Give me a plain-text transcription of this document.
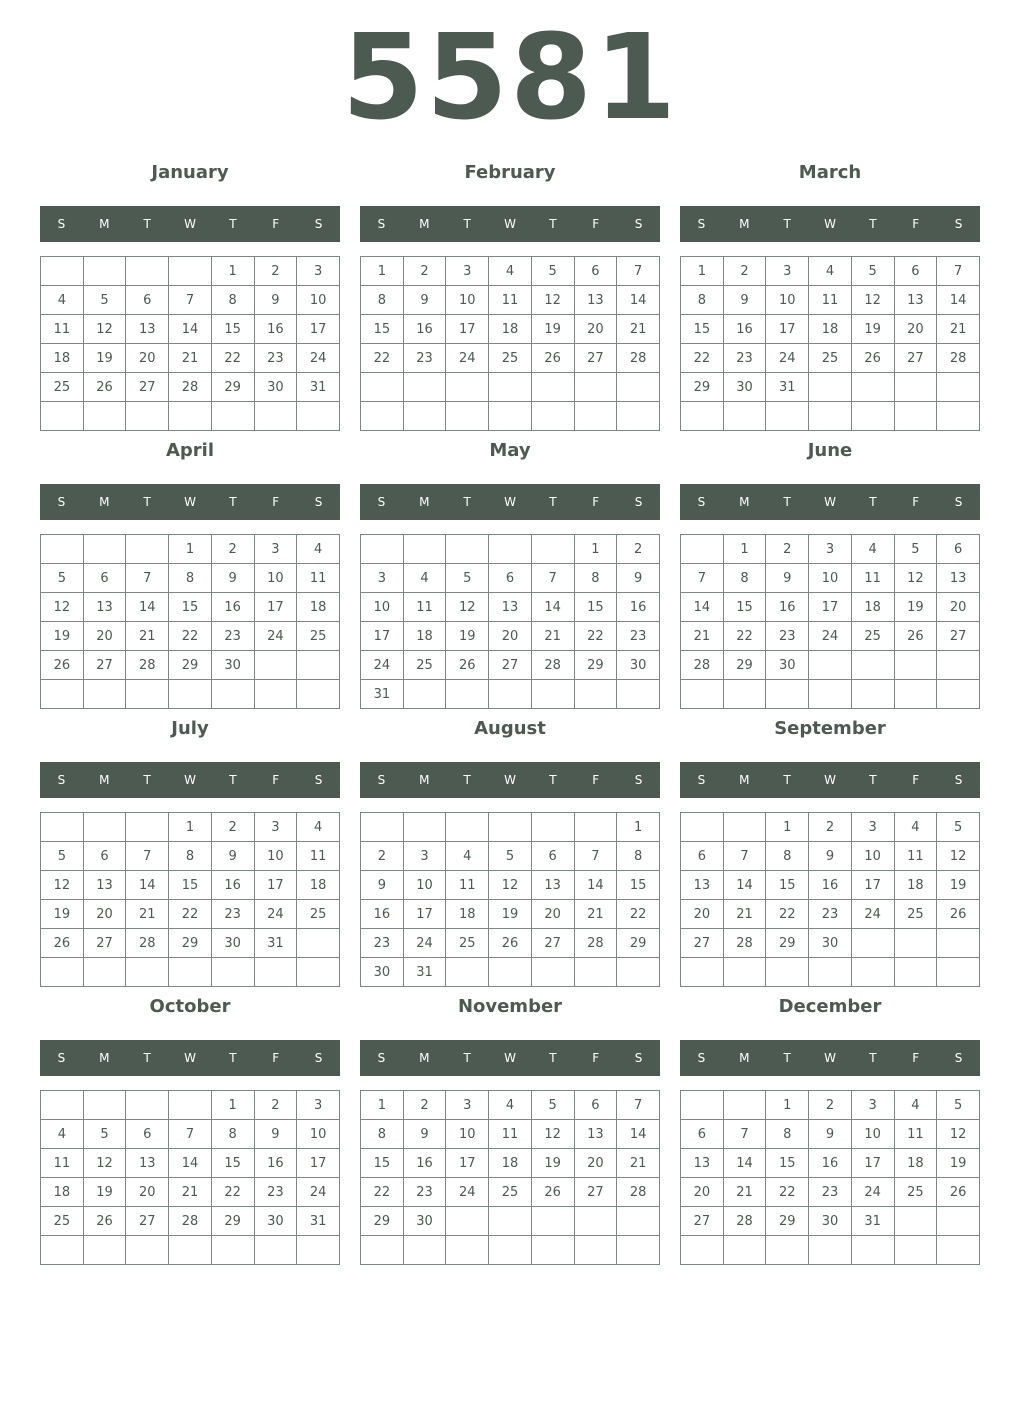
5581
January
S	M	T	W	T	F	S
				1	2	3
4	5	6	7	8	9	10
11	12	13	14	15	16	17
18	19	20	21	22	23	24
25	26	27	28	29	30	31

February
S	M	T	W	T	F	S
1	2	3	4	5	6	7
8	9	10	11	12	13	14
15	16	17	18	19	20	21
22	23	24	25	26	27	28

March
S	M	T	W	T	F	S
1	2	3	4	5	6	7
8	9	10	11	12	13	14
15	16	17	18	19	20	21
22	23	24	25	26	27	28
29	30	31				

April
S	M	T	W	T	F	S
			1	2	3	4
5	6	7	8	9	10	11
12	13	14	15	16	17	18
19	20	21	22	23	24	25
26	27	28	29	30		

May
S	M	T	W	T	F	S
					1	2
3	4	5	6	7	8	9
10	11	12	13	14	15	16
17	18	19	20	21	22	23
24	25	26	27	28	29	30
31						
June
S	M	T	W	T	F	S
	1	2	3	4	5	6
7	8	9	10	11	12	13
14	15	16	17	18	19	20
21	22	23	24	25	26	27
28	29	30				

July
S	M	T	W	T	F	S
			1	2	3	4
5	6	7	8	9	10	11
12	13	14	15	16	17	18
19	20	21	22	23	24	25
26	27	28	29	30	31	

August
S	M	T	W	T	F	S
						1
2	3	4	5	6	7	8
9	10	11	12	13	14	15
16	17	18	19	20	21	22
23	24	25	26	27	28	29
30	31					
September
S	M	T	W	T	F	S
		1	2	3	4	5
6	7	8	9	10	11	12
13	14	15	16	17	18	19
20	21	22	23	24	25	26
27	28	29	30			

October
S	M	T	W	T	F	S
				1	2	3
4	5	6	7	8	9	10
11	12	13	14	15	16	17
18	19	20	21	22	23	24
25	26	27	28	29	30	31

November
S	M	T	W	T	F	S
1	2	3	4	5	6	7
8	9	10	11	12	13	14
15	16	17	18	19	20	21
22	23	24	25	26	27	28
29	30					

December
S	M	T	W	T	F	S
		1	2	3	4	5
6	7	8	9	10	11	12
13	14	15	16	17	18	19
20	21	22	23	24	25	26
27	28	29	30	31		
